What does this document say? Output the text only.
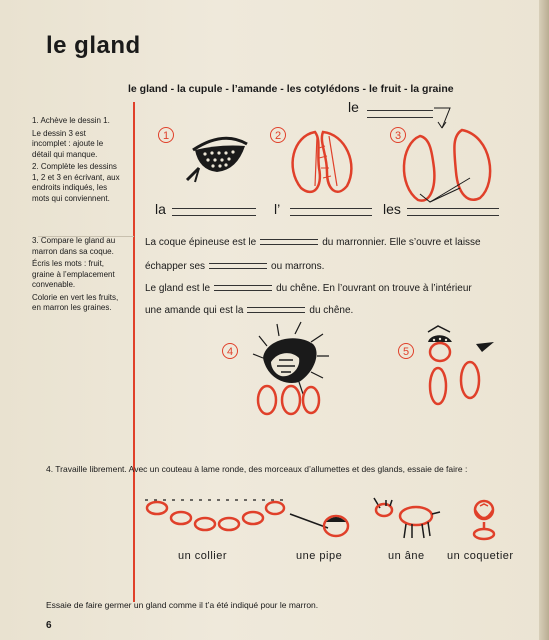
le gland
le gland - la cupule - l’amande - les cotylédons - le fruit - la graine

1. Achève le dessin 1.

Le dessin 3 est incomplet : ajoute le détail qui manque.

2. Complète les dessins 1, 2 et 3 en écrivant, aux endroits indiqués, les mots qui conviennent.

3. Compare le gland au marron dans sa coque.

Écris les mots : fruit, graine à l’emplacement convenable.

Colorie en vert les fruits, en marron les graines.

1	2	3
4	5
le
la	l’	les
La coque épineuse est le	du marronnier. Elle s’ouvre et laisse
échapper ses	ou marrons.
Le gland est le	du chêne. En l’ouvrant on trouve à l’intérieur
une amande qui est la	du chêne.
4. Travaille librement. Avec un couteau à lame ronde, des morceaux d’allumettes et des glands, essaie de faire :
un collier	une pipe	un âne un coquetier
Essaie de faire germer un gland comme il t’a été indiqué pour le marron.
6
